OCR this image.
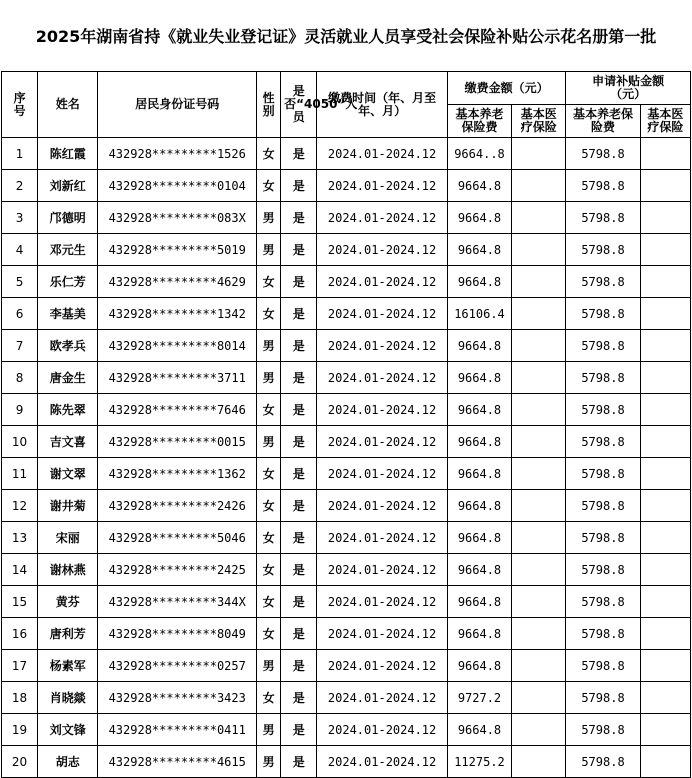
2025年湖南省持《就业失业登记证》灵活就业人员享受社会保险补贴公示花名册第一批
序号	姓名	居民身份证号码	性别	是否“4050”人员	缴费时间（年、月至年、月）	缴费金额（元）		申请补贴金额（元）	
						基本养老保险费	基本医疗保险	基本养老保险费	基本医疗保险
1	陈红霞	432928*********1526	女	是	2024.01-2024.12	9664..8		5798.8	
2	刘新红	432928*********0104	女	是	2024.01-2024.12	9664.8		5798.8	
3	邝德明	432928*********083X	男	是	2024.01-2024.12	9664.8		5798.8	
4	邓元生	432928*********5019	男	是	2024.01-2024.12	9664.8		5798.8	
5	乐仁芳	432928*********4629	女	是	2024.01-2024.12	9664.8		5798.8	
6	李基美	432928*********1342	女	是	2024.01-2024.12	16106.4		5798.8	
7	欧孝兵	432928*********8014	男	是	2024.01-2024.12	9664.8		5798.8	
8	唐金生	432928*********3711	男	是	2024.01-2024.12	9664.8		5798.8	
9	陈先翠	432928*********7646	女	是	2024.01-2024.12	9664.8		5798.8	
10	吉文喜	432928*********0015	男	是	2024.01-2024.12	9664.8		5798.8	
11	谢文翠	432928*********1362	女	是	2024.01-2024.12	9664.8		5798.8	
12	谢井菊	432928*********2426	女	是	2024.01-2024.12	9664.8		5798.8	
13	宋丽	432928*********5046	女	是	2024.01-2024.12	9664.8		5798.8	
14	谢林燕	432928*********2425	女	是	2024.01-2024.12	9664.8		5798.8	
15	黄芬	432928*********344X	女	是	2024.01-2024.12	9664.8		5798.8	
16	唐利芳	432928*********8049	女	是	2024.01-2024.12	9664.8		5798.8	
17	杨素军	432928*********0257	男	是	2024.01-2024.12	9664.8		5798.8	
18	肖晓燚	432928*********3423	女	是	2024.01-2024.12	9727.2		5798.8	
19	刘文锋	432928*********0411	男	是	2024.01-2024.12	9664.8		5798.8	
20	胡志	432928*********4615	男	是	2024.01-2024.12	11275.2		5798.8	
